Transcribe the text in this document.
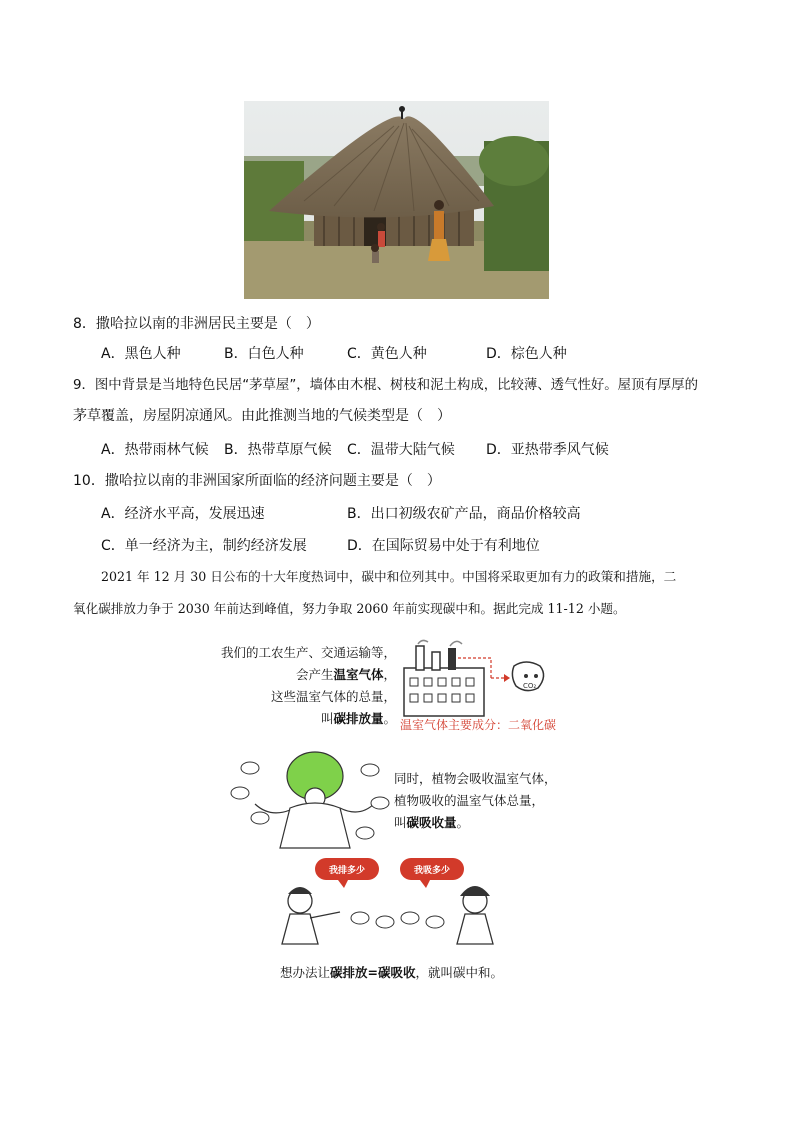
8．撒哈拉以南的非洲居民主要是（　）
A．黑色人种	B．白色人种	C．黄色人种	D．棕色人种
9．图中背景是当地特色民居“茅草屋”，墙体由木棍、树枝和泥土构成，比较薄、透气性好。屋顶有厚厚的
茅草覆盖，房屋阴凉通风。由此推测当地的气候类型是（　）
A．热带雨林气候 B．热带草原气候 C．温带大陆气候 D．亚热带季风气候
10．撒哈拉以南的非洲国家所面临的经济问题主要是（　）
A．经济水平高，发展迅速	B．出口初级农矿产品，商品价格较高
C．单一经济为主，制约经济发展	D．在国际贸易中处于有利地位
2021 年 12 月 30 日公布的十大年度热词中，碳中和位列其中。中国将采取更加有力的政策和措施，二
氧化碳排放力争于 2030 年前达到峰值，努力争取 2060 年前实现碳中和。据此完成 11-12 小题。
我们的工农生产、交通运输等，
会产生温室气体，
这些温室气体的总量，
叫碳排放量。
CO₂
温室气体主要成分：二氧化碳
同时，植物会吸收温室气体，
植物吸收的温室气体总量，
叫碳吸收量。
我排多少	我吸多少
想办法让碳排放=碳吸收，就叫碳中和。
